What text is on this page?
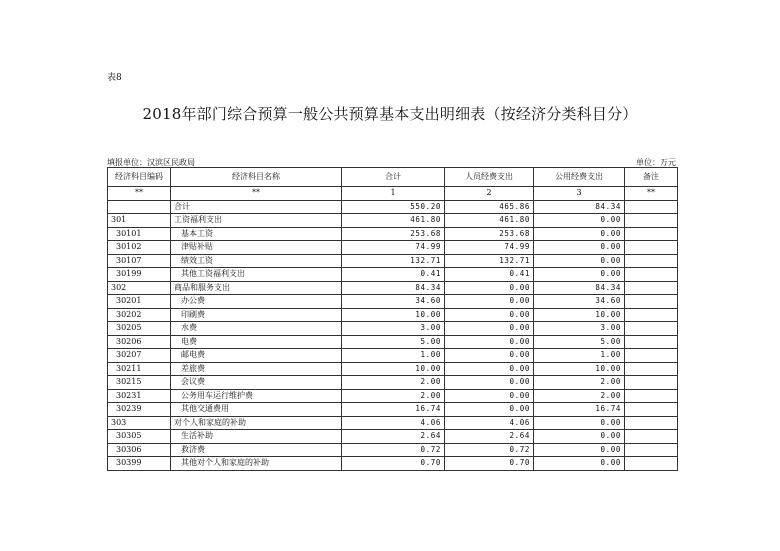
表8
2018年部门综合预算一般公共预算基本支出明细表（按经济分类科目分）
填报单位：汉滨区民政局	单位：万元
经济科目编码	经济科目名称	合计	人员经费支出	公用经费支出	备注
**	**	1	2	3	**
	合计	550.20	465.86	84.34	
301	工资福利支出	461.80	461.80	0.00	
30101	基本工资	253.68	253.68	0.00	
30102	津贴补贴	74.99	74.99	0.00	
30107	绩效工资	132.71	132.71	0.00	
30199	其他工资福利支出	0.41	0.41	0.00	
302	商品和服务支出	84.34	0.00	84.34	
30201	办公费	34.60	0.00	34.60	
30202	印刷费	10.00	0.00	10.00	
30205	水费	3.00	0.00	3.00	
30206	电费	5.00	0.00	5.00	
30207	邮电费	1.00	0.00	1.00	
30211	差旅费	10.00	0.00	10.00	
30215	会议费	2.00	0.00	2.00	
30231	公务用车运行维护费	2.00	0.00	2.00	
30239	其他交通费用	16.74	0.00	16.74	
303	对个人和家庭的补助	4.06	4.06	0.00	
30305	生活补助	2.64	2.64	0.00	
30306	救济费	0.72	0.72	0.00	
30399	其他对个人和家庭的补助	0.70	0.70	0.00	
